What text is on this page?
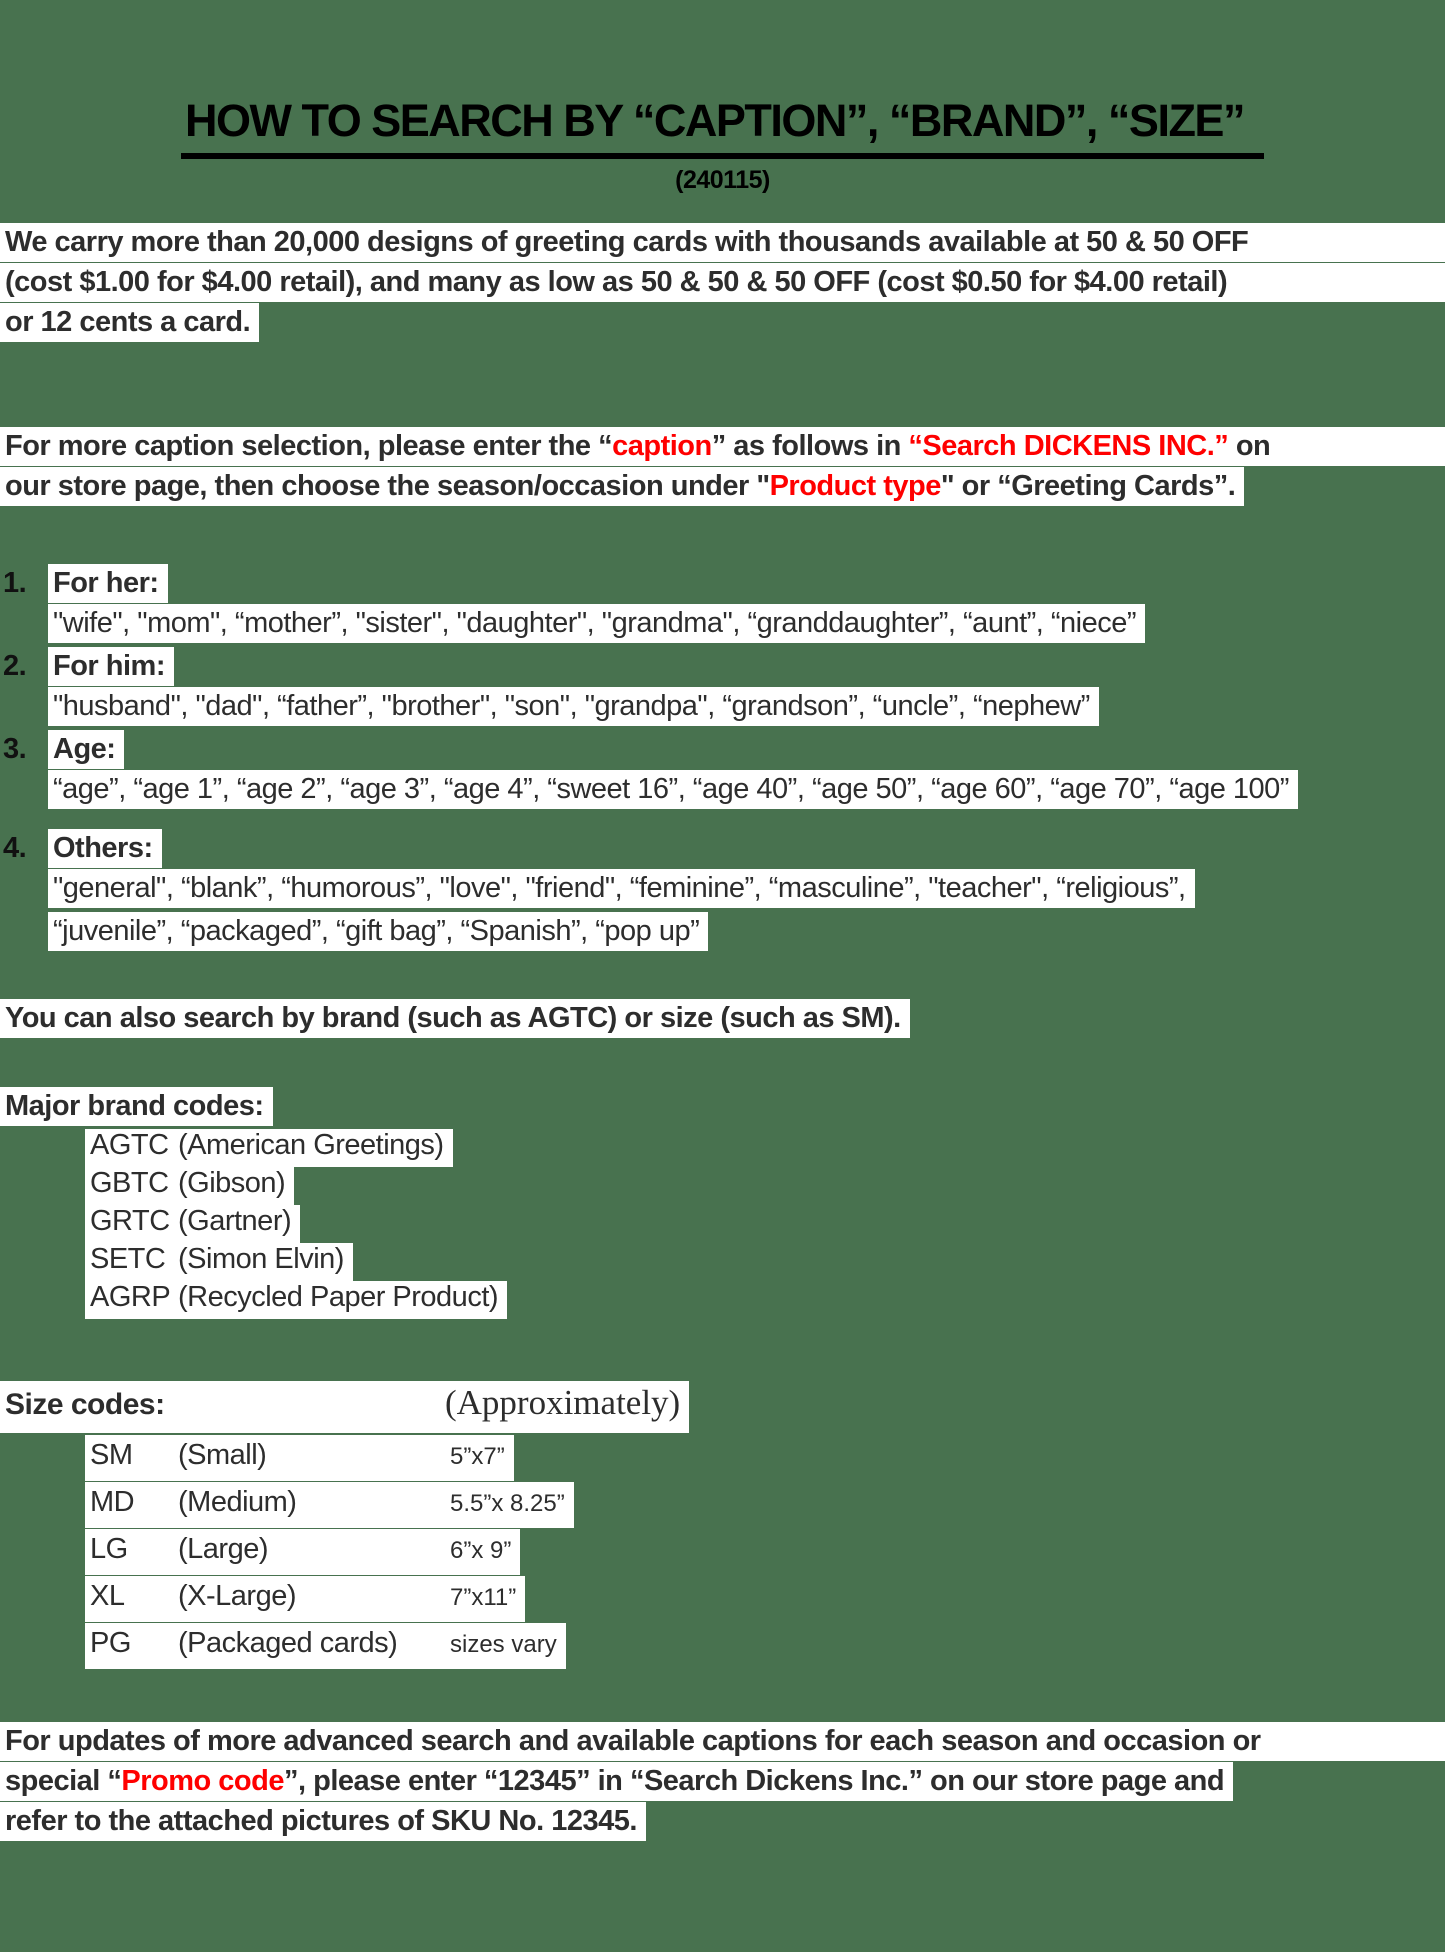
HOW TO SEARCH BY “CAPTION”, “BRAND”, “SIZE”
(240115)
We carry more than 20,000 designs of greeting cards with thousands available at 50 & 50 OFF
(cost $1.00 for $4.00 retail), and many as low as 50 & 50 & 50 OFF (cost $0.50 for $4.00 retail)
or 12 cents a card.
For more caption selection, please enter the “caption” as follows in “Search DICKENS INC.” on
our store page, then choose the season/occasion under "Product type" or “Greeting Cards”.
1. For her:
"wife", "mom", “mother”, "sister", "daughter", "grandma", “granddaughter”, “aunt”, “niece”
2. For him:
"husband", "dad", “father”, "brother", "son", "grandpa", “grandson”, “uncle”, “nephew”
3. Age:
“age”, “age 1”, “age 2”, “age 3”, “age 4”, “sweet 16”, “age 40”, “age 50”, “age 60”, “age 70”, “age 100”
4. Others:
"general", “blank”, “humorous”, "love", "friend", “feminine”, “masculine”, "teacher", “religious”,
“juvenile”, “packaged”, “gift bag”, “Spanish”, “pop up”
You can also search by brand (such as AGTC) or size (such as SM).
Major brand codes:
AGTC (American Greetings)
GBTC (Gibson)
GRTC (Gartner)
SETC (Simon Elvin)
AGRP (Recycled Paper Product)
Size codes:	(Approximately)
SM (Small)	5”x7”
MD (Medium)	5.5”x 8.25”
LG (Large)	6”x 9”
XL (X-Large)	7”x11”
PG (Packaged cards) sizes vary
For updates of more advanced search and available captions for each season and occasion or
special “Promo code”, please enter “12345” in “Search Dickens Inc.” on our store page and
refer to the attached pictures of SKU No. 12345.
